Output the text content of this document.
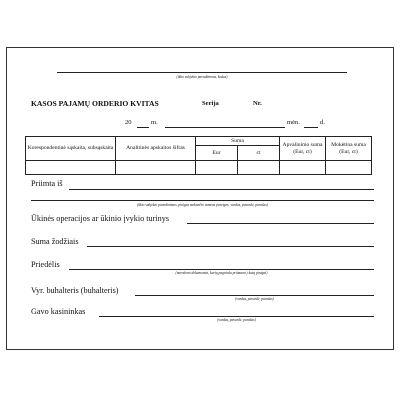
(ūkio subjekto pavadinimas, kodas)
KASOS PAJAMŲ ORDERIO KVITAS	Serija	Nr.
20	m.	mėn.	d.
Korespondentinė sąskaita, subsąskaita	Analitinės apskaitos šifras	Suma		Apvalinimo suma (Eur, ct)	Mokėtina suma (Eur, ct)
		Eur	ct		

Priimta iš
(ūkio subjekto pavadinimas, pinigus mokančio asmens pareigos, vardas, pavardė, parašas)
Ūkinės operacijos ar ūkinio įvykio turinys
Suma žodžiais
Priedėlis
(nurodomi dokumentai, kurių pagrindu priimami į kasą pinigai)
Vyr. buhalteris (buhalteris)
(vardas, pavardė, parašas)
Gavo kasininkas
(vardas, pavardė, parašas)
